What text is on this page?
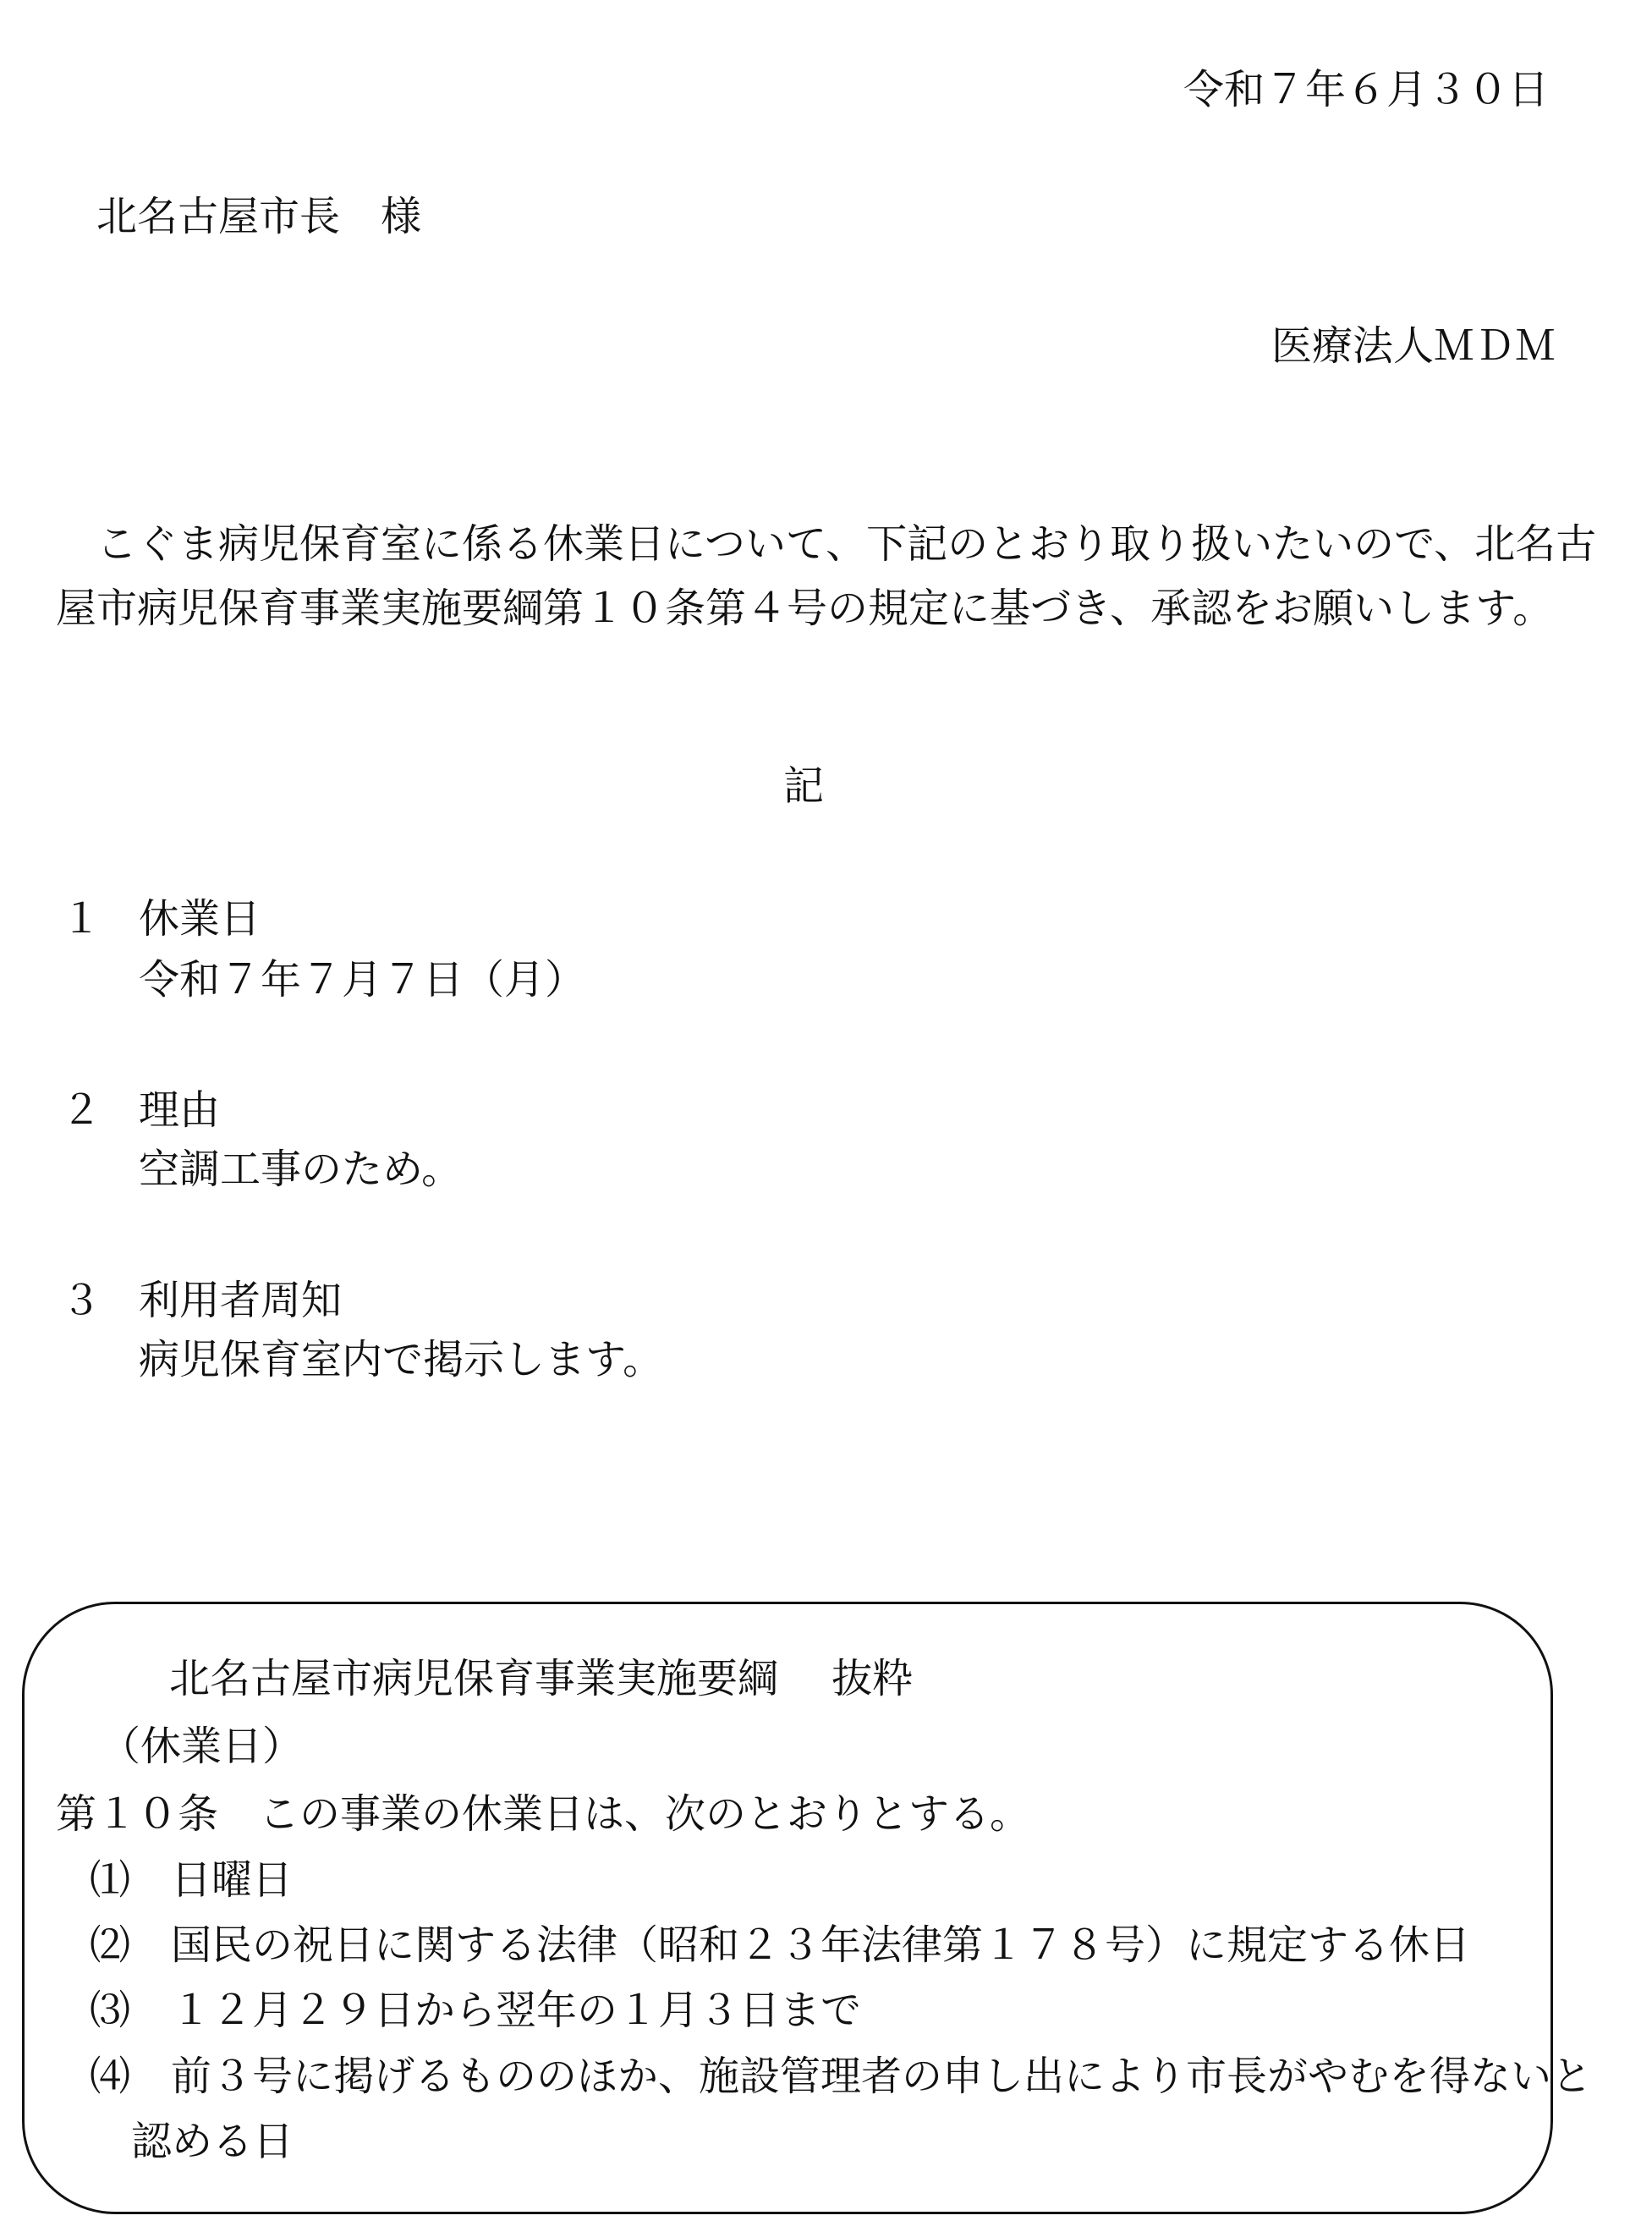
令和７年６月３０日
北名古屋市長　様
医療法人ＭＤＭ
こぐま病児保育室に係る休業日について、下記のとおり取り扱いたいので、北名古屋市病児保育事業実施要綱第１０条第４号の規定に基づき、承認をお願いします。
記
１ 休業日
令和７年７月７日（月）
２ 理由
空調工事のため。
３ 利用者周知
病児保育室内で掲示します。
北名古屋市病児保育事業実施要綱　 抜粋
（休業日）
第１０条　この事業の休業日は、次のとおりとする。
⑴ 日曜日
⑵ 国民の祝日に関する法律（昭和２３年法律第１７８号）に規定する休日
⑶ １２月２９日から翌年の１月３日まで
⑷ 前３号に掲げるもののほか、施設管理者の申し出により市長がやむを得ないと
認める日
